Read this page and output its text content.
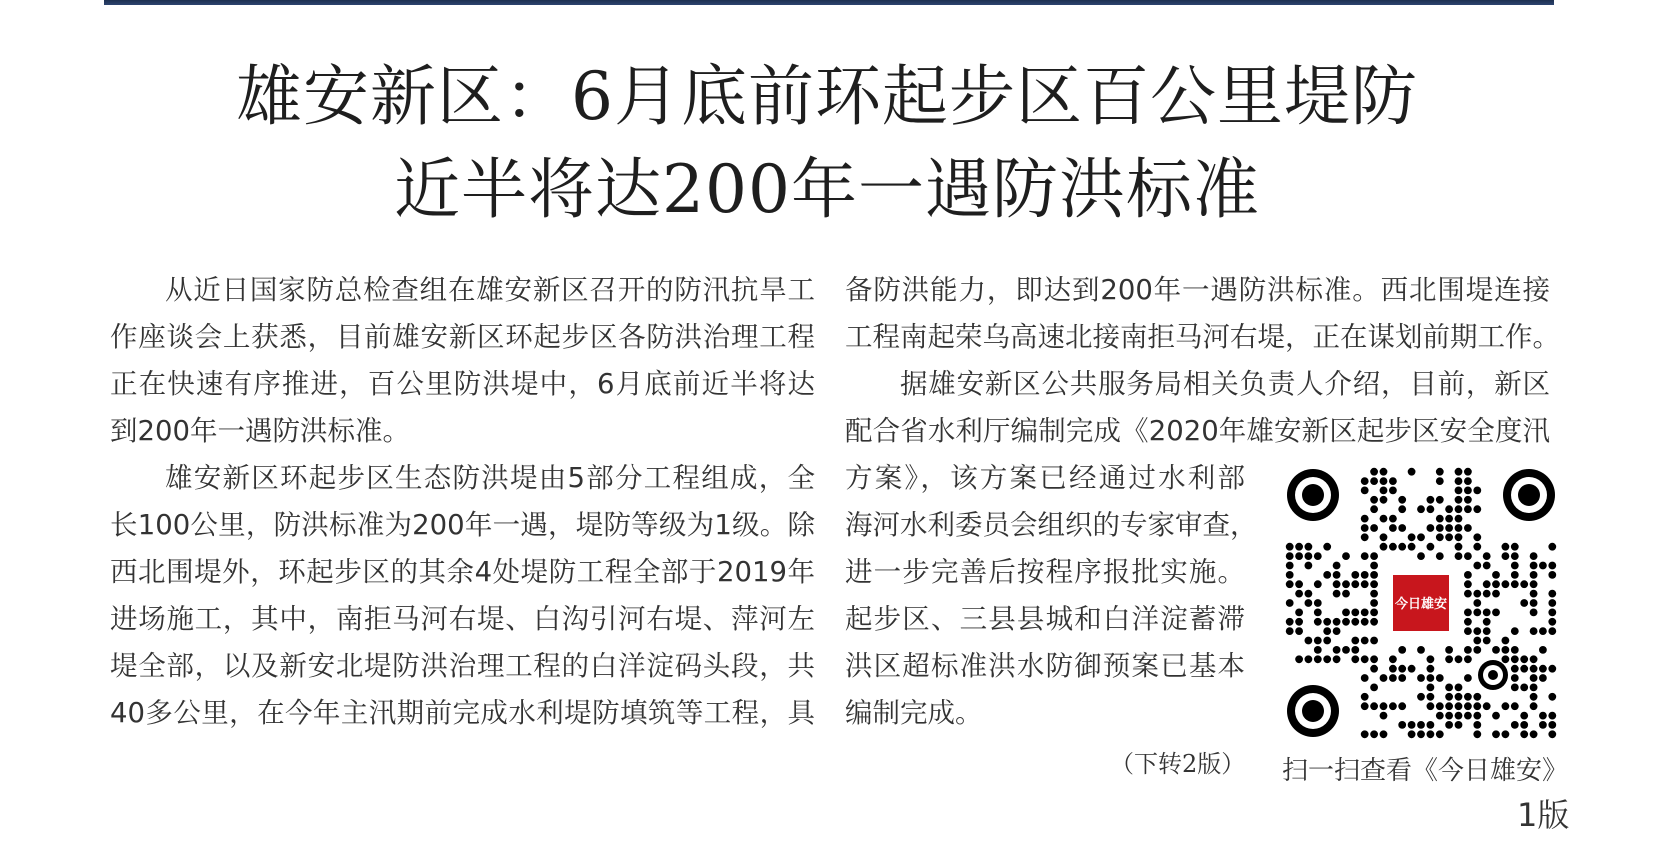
雄安新区：6月底前环起步区百公里堤防
近半将达200年一遇防洪标准
从近日国家防总检查组在雄安新区召开的防汛抗旱工
作座谈会上获悉，目前雄安新区环起步区各防洪治理工程
正在快速有序推进，百公里防洪堤中，6月底前近半将达
到200年一遇防洪标准。
雄安新区环起步区生态防洪堤由5部分工程组成，全
长100公里，防洪标准为200年一遇，堤防等级为1级。除
西北围堤外，环起步区的其余4处堤防工程全部于2019年
进场施工，其中，南拒马河右堤、白沟引河右堤、萍河左
堤全部，以及新安北堤防洪治理工程的白洋淀码头段，共
40多公里，在今年主汛期前完成水利堤防填筑等工程，具
备防洪能力，即达到200年一遇防洪标准。西北围堤连接
工程南起荣乌高速北接南拒马河右堤，正在谋划前期工作。
据雄安新区公共服务局相关负责人介绍，目前，新区
配合省水利厅编制完成《2020年雄安新区起步区安全度汛
方案》，该方案已经通过水利部
海河水利委员会组织的专家审查，
进一步完善后按程序报批实施。
起步区、三县县城和白洋淀蓄滞
洪区超标准洪水防御预案已基本
编制完成。
（下转2版）
今日雄安
扫一扫查看《今日雄安》
1版
